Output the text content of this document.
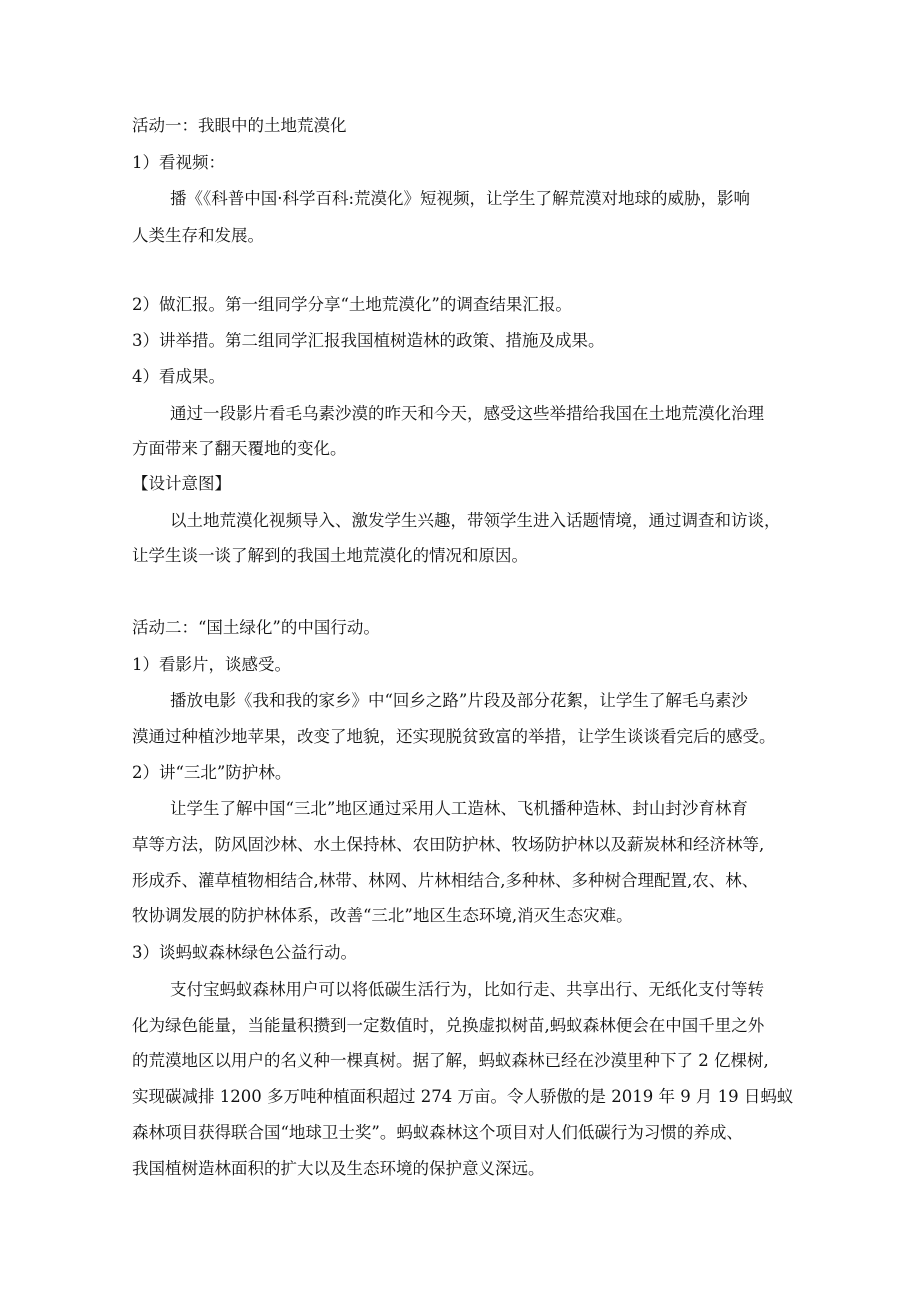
活动一：我眼中的土地荒漠化
1）看视频：
播《《科普中国·科学百科:荒漠化》短视频，让学生了解荒漠对地球的威胁，影响
人类生存和发展。
2）做汇报。第一组同学分享“土地荒漠化”的调查结果汇报。
3）讲举措。第二组同学汇报我国植树造林的政策、措施及成果。
4）看成果。
通过一段影片看毛乌素沙漠的昨天和今天，感受这些举措给我国在土地荒漠化治理
方面带来了翻天覆地的变化。
【设计意图】
以土地荒漠化视频导入、激发学生兴趣，带领学生进入话题情境，通过调查和访谈，
让学生谈一谈了解到的我国土地荒漠化的情况和原因。
活动二：“国土绿化”的中国行动。
1）看影片，谈感受。
播放电影《我和我的家乡》中“回乡之路”片段及部分花絮，让学生了解毛乌素沙
漠通过种植沙地苹果，改变了地貌，还实现脱贫致富的举措，让学生谈谈看完后的感受。
2）讲“三北”防护林。
让学生了解中国“三北”地区通过采用人工造林、飞机播种造林、封山封沙育林育
草等方法，防风固沙林、水土保持林、农田防护林、牧场防护林以及薪炭林和经济林等,
形成乔、灌草植物相结合,林带、林网、片林相结合,多种林、多种树合理配置,农、林、
牧协调发展的防护林体系，改善“三北”地区生态环境,消灭生态灾难。
3）谈蚂蚁森林绿色公益行动。
支付宝蚂蚁森林用户可以将低碳生活行为，比如行走、共享出行、无纸化支付等转
化为绿色能量，当能量积攒到一定数值时，兑换虚拟树苗,蚂蚁森林便会在中国千里之外
的荒漠地区以用户的名义种一棵真树。据了解，蚂蚁森林已经在沙漠里种下了 2 亿棵树,
实现碳减排 1200 多万吨种植面积超过 274 万亩。令人骄傲的是 2019 年 9 月 19 日蚂蚁
森林项目获得联合国“地球卫士奖”。蚂蚁森林这个项目对人们低碳行为习惯的养成、
我国植树造林面积的扩大以及生态环境的保护意义深远。
